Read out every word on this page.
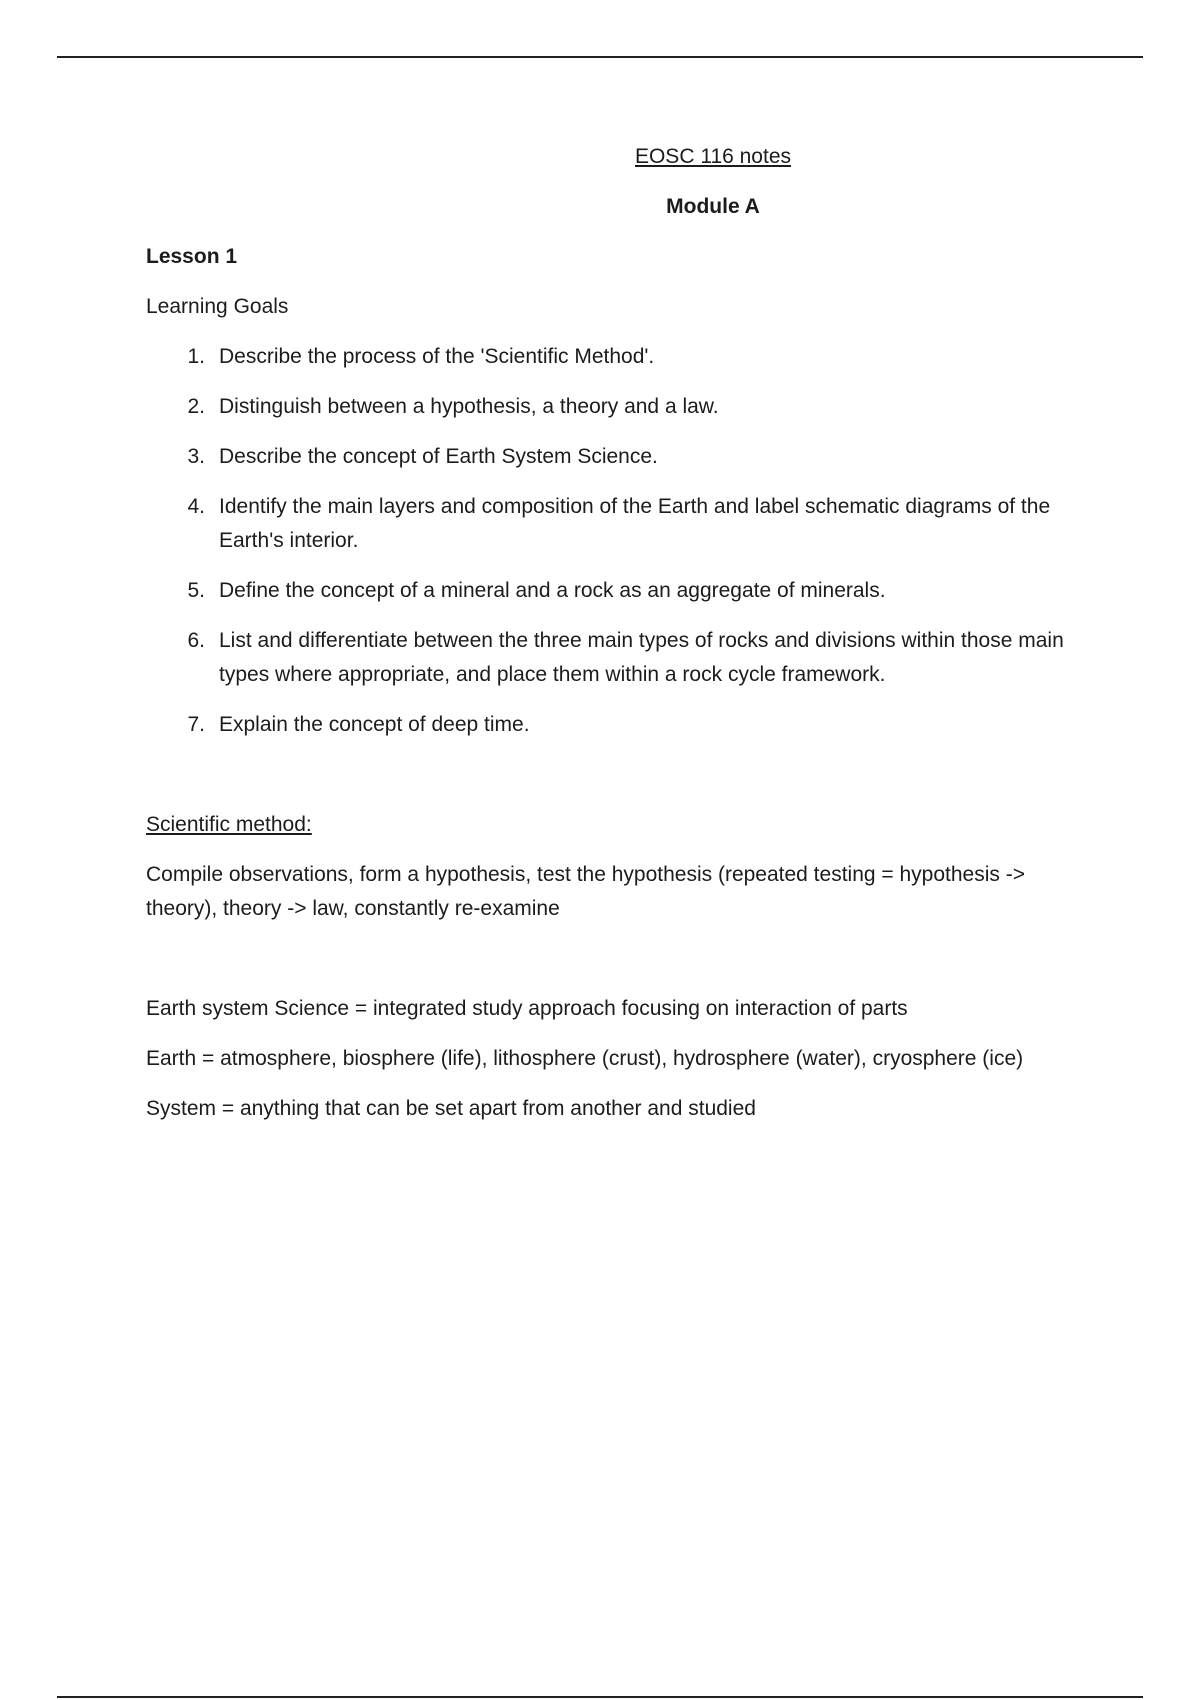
EOSC 116 notes
Module A
Lesson 1
Learning Goals
1. Describe the process of the 'Scientific Method'.
2. Distinguish between a hypothesis, a theory and a law.
3. Describe the concept of Earth System Science.
4. Identify the main layers and composition of the Earth and label schematic diagrams of the Earth's interior.
5. Define the concept of a mineral and a rock as an aggregate of minerals.
6. List and differentiate between the three main types of rocks and divisions within those main types where appropriate, and place them within a rock cycle framework.
7. Explain the concept of deep time.
Scientific method:

Compile observations, form a hypothesis, test the hypothesis (repeated testing = hypothesis -> theory), theory -> law, constantly re-examine

Earth system Science = integrated study approach focusing on interaction of parts

Earth = atmosphere, biosphere (life), lithosphere (crust), hydrosphere (water), cryosphere (ice)

System = anything that can be set apart from another and studied
